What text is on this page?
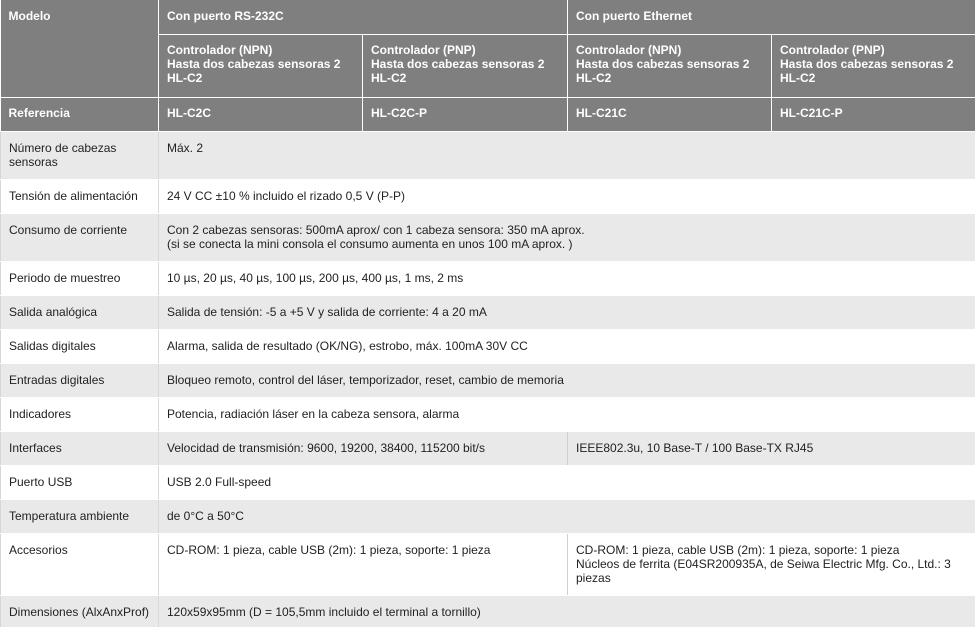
Modelo	Con puerto RS-232C		Con puerto Ethernet	

	Controlador (NPN)
Hasta dos cabezas sensoras 2
HL-C2	Controlador (PNP)
Hasta dos cabezas sensoras 2
HL-C2	Controlador (NPN)
Hasta dos cabezas sensoras 2
HL-C2	Controlador (PNP)
Hasta dos cabezas sensoras 2
HL-C2

Referencia	HL-C2C	HL-C2C-P	HL-C21C	HL-C21C-P

Número de cabezas
sensoras	Máx. 2			
Tensión de alimentación	24 V CC ±10 % incluido el rizado 0,5 V (P-P)			
Consumo de corriente	Con 2 cabezas sensoras: 500mA aprox/ con 1 cabeza sensora: 350 mA aprox.
(si se conecta la mini consola el consumo aumenta en unos 100 mA aprox. )			

Periodo de muestreo	10 µs, 20 µs, 40 µs, 100 µs, 200 µs, 400 µs, 1 ms, 2 ms			
Salida analógica	Salida de tensión: -5 a +5 V y salida de corriente: 4 a 20 mA			
Salidas digitales	Alarma, salida de resultado (OK/NG), estrobo, máx. 100mA 30V CC			
Entradas digitales	Bloqueo remoto, control del láser, temporizador, reset, cambio de memoria			
Indicadores	Potencia, radiación láser en la cabeza sensora, alarma			
Interfaces	Velocidad de transmisión: 9600, 19200, 38400, 115200 bit/s		IEEE802.3u, 10 Base-T / 100 Base-TX RJ45	
Puerto USB	USB 2.0 Full-speed			
Temperatura ambiente	de 0°C a 50°C			
Accesorios	CD-ROM: 1 pieza, cable USB (2m): 1 pieza, soporte: 1 pieza		CD-ROM: 1 pieza, cable USB (2m): 1 pieza, soporte: 1 pieza
Núcleos de ferrita (E04SR200935A, de Seiwa Electric Mfg. Co., Ltd.: 3
piezas	

Dimensiones (AlxAnxProf)	120x59x95mm (D = 105,5mm incluido el terminal a tornillo)			
